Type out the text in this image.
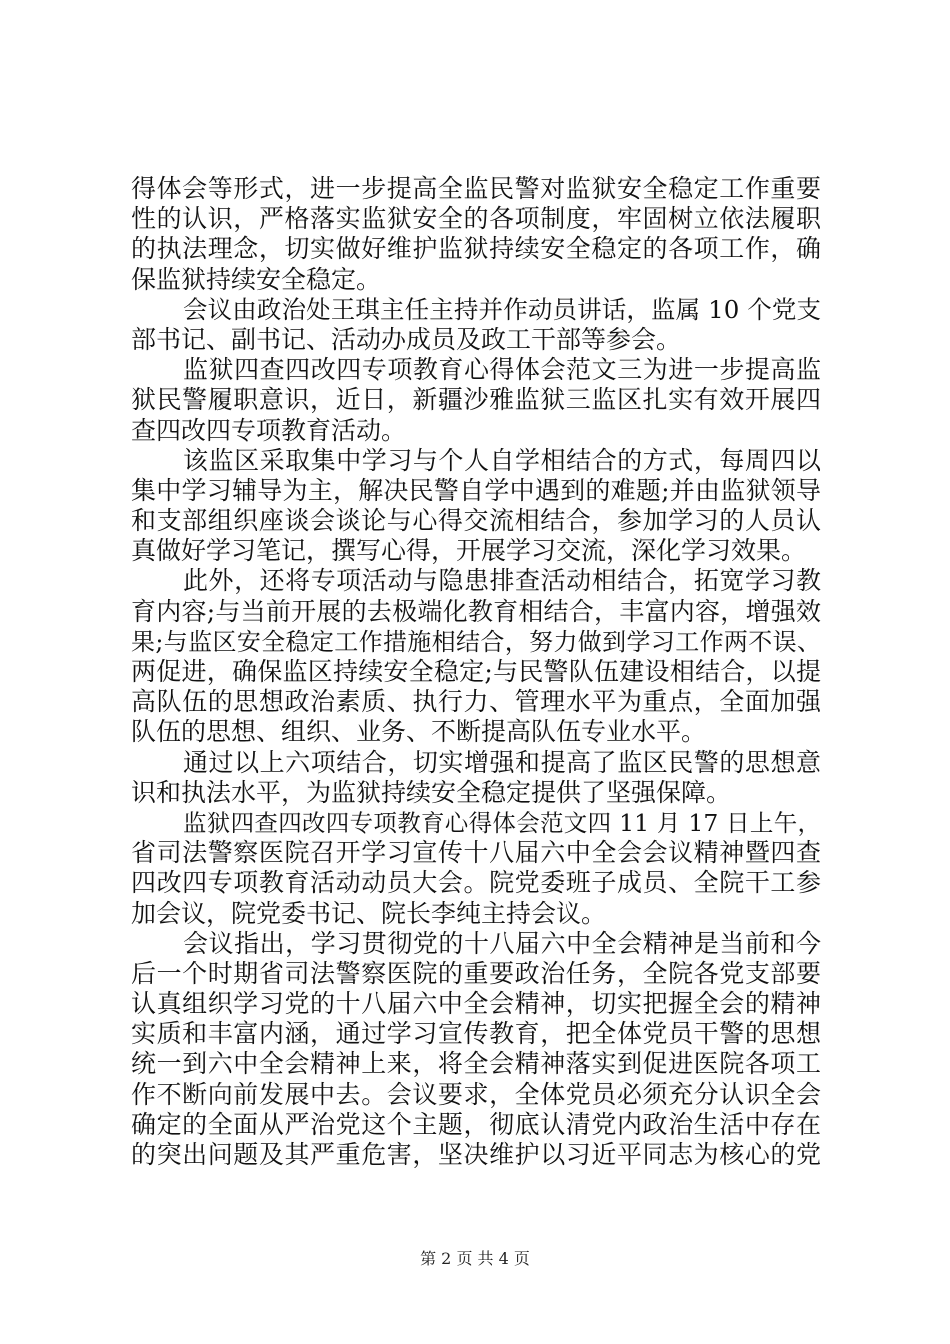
得体会等形式，进一步提高全监民警对监狱安全稳定工作重要
性的认识，严格落实监狱安全的各项制度，牢固树立依法履职
的执法理念，切实做好维护监狱持续安全稳定的各项工作，确
保监狱持续安全稳定。
会议由政治处王琪主任主持并作动员讲话，监属 10 个党支
部书记、副书记、活动办成员及政工干部等参会。
监狱四查四改四专项教育心得体会范文三为进一步提高监
狱民警履职意识，近日，新疆沙雅监狱三监区扎实有效开展四
查四改四专项教育活动。
该监区采取集中学习与个人自学相结合的方式，每周四以
集中学习辅导为主，解决民警自学中遇到的难题;并由监狱领导
和支部组织座谈会谈论与心得交流相结合，参加学习的人员认
真做好学习笔记，撰写心得，开展学习交流，深化学习效果。
此外，还将专项活动与隐患排查活动相结合，拓宽学习教
育内容;与当前开展的去极端化教育相结合，丰富内容，增强效
果;与监区安全稳定工作措施相结合，努力做到学习工作两不误、
两促进，确保监区持续安全稳定;与民警队伍建设相结合，以提
高队伍的思想政治素质、执行力、管理水平为重点，全面加强
队伍的思想、组织、业务、不断提高队伍专业水平。
通过以上六项结合，切实增强和提高了监区民警的思想意
识和执法水平，为监狱持续安全稳定提供了坚强保障。
监狱四查四改四专项教育心得体会范文四 11 月 17 日上午，
省司法警察医院召开学习宣传十八届六中全会会议精神暨四查
四改四专项教育活动动员大会。院党委班子成员、全院干工参
加会议，院党委书记、院长李纯主持会议。
会议指出，学习贯彻党的十八届六中全会精神是当前和今
后一个时期省司法警察医院的重要政治任务，全院各党支部要
认真组织学习党的十八届六中全会精神，切实把握全会的精神
实质和丰富内涵，通过学习宣传教育，把全体党员干警的思想
统一到六中全会精神上来，将全会精神落实到促进医院各项工
作不断向前发展中去。会议要求，全体党员必须充分认识全会
确定的全面从严治党这个主题，彻底认清党内政治生活中存在
的突出问题及其严重危害，坚决维护以习近平同志为核心的党
第 2 页 共 4 页
